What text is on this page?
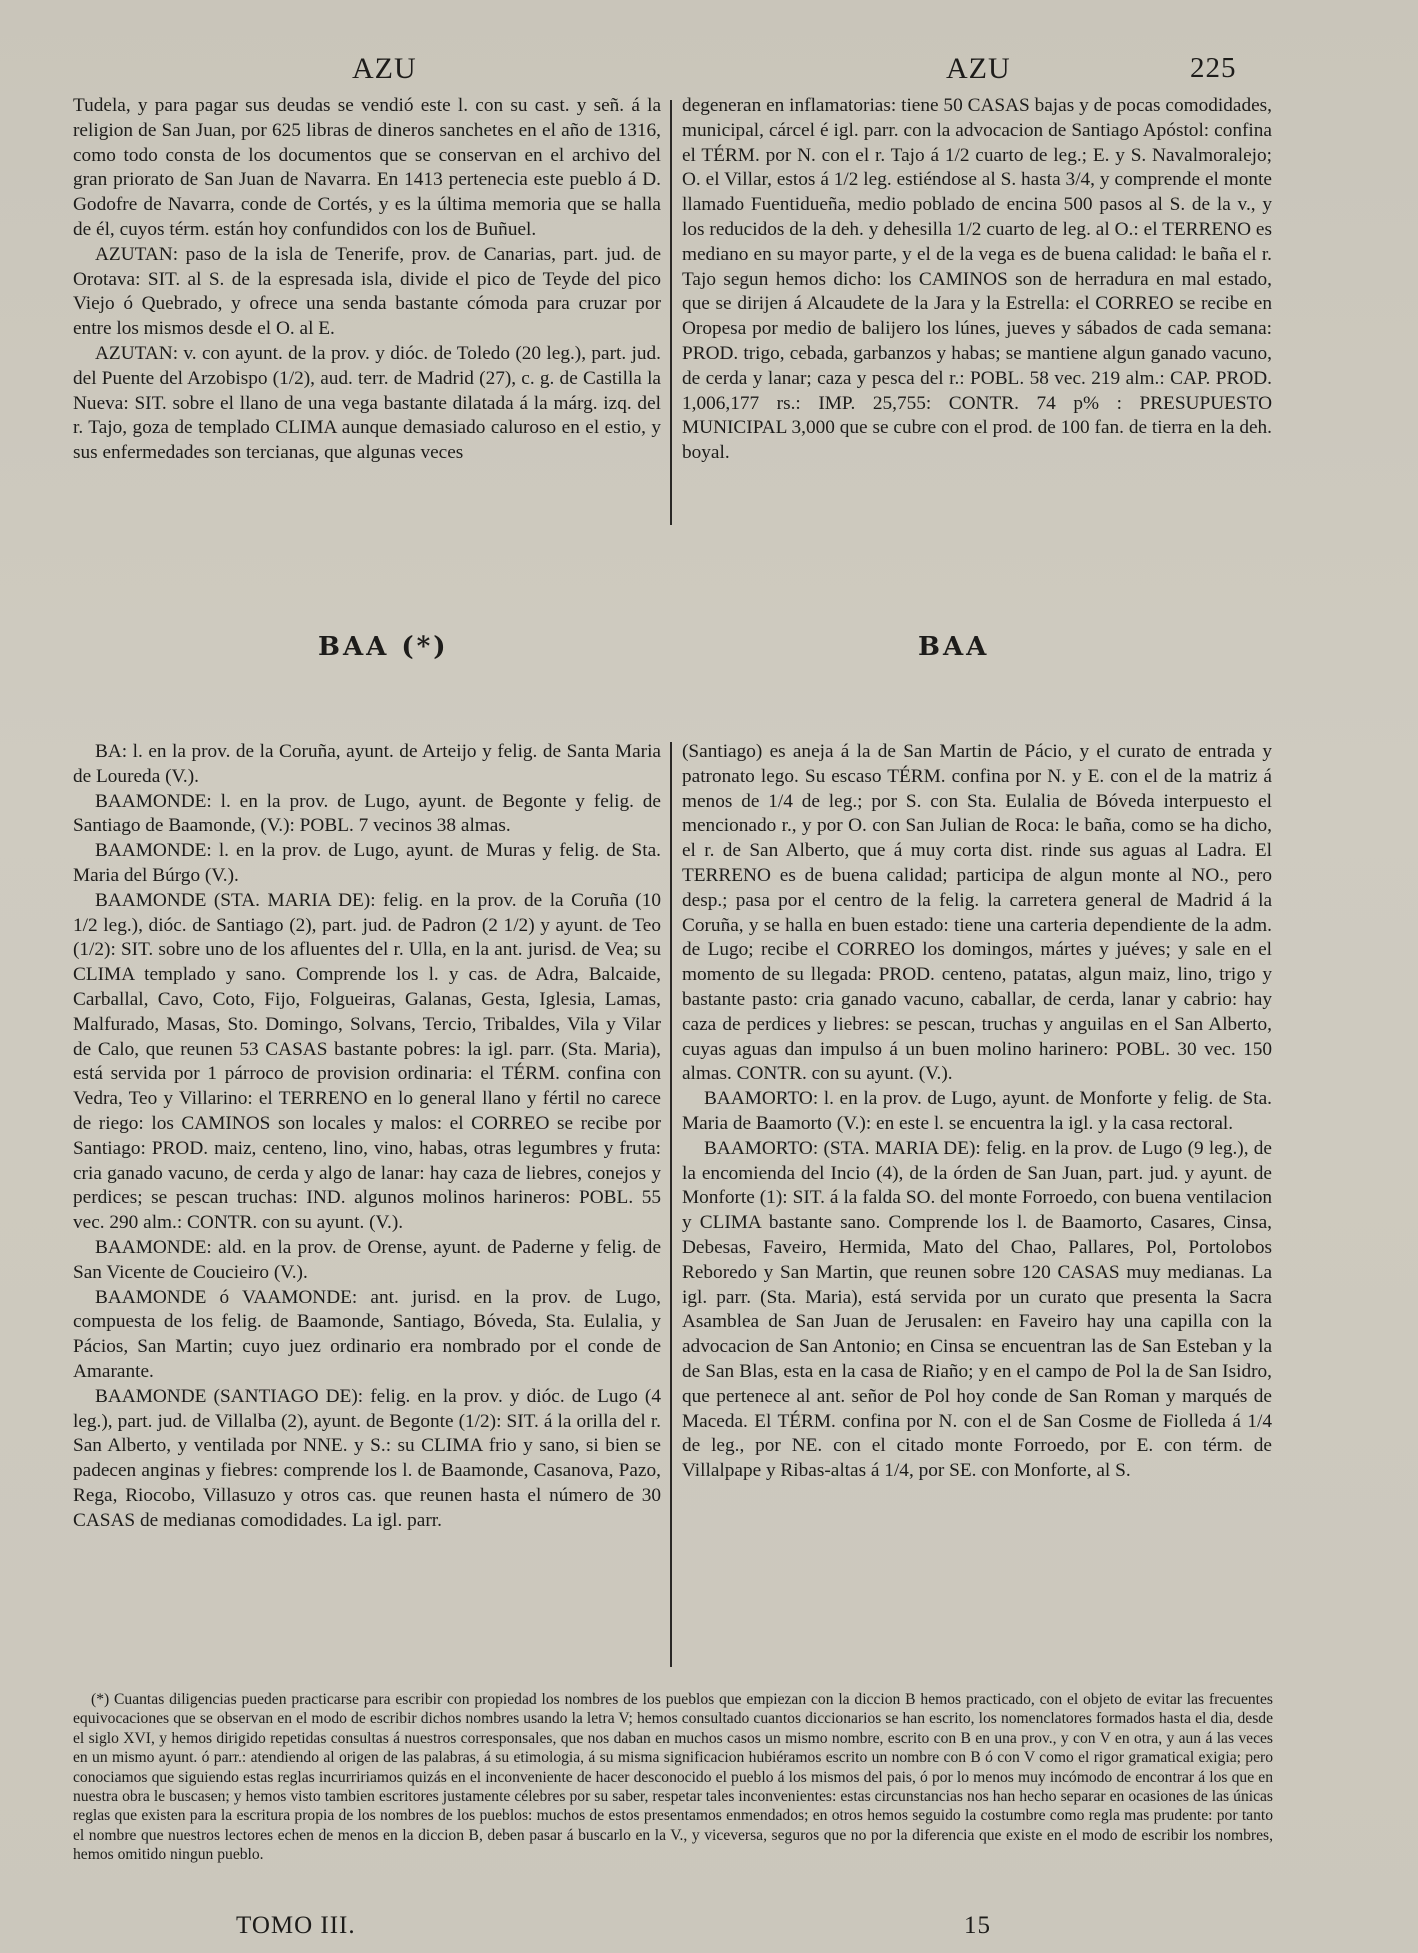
AZU	AZU	225

Tudela, y para pagar sus deudas se vendió este l. con su cast. y señ. á la religion de San Juan, por 625 libras de dineros sanchetes en el año de 1316, como todo consta de los documentos que se conservan en el archivo del gran priorato de San Juan de Navarra. En 1413 pertenecia este pueblo á D. Godofre de Navarra, conde de Cortés, y es la última memoria que se halla de él, cuyos térm. están hoy confundidos con los de Buñuel.

AZUTAN: paso de la isla de Tenerife, prov. de Canarias, part. jud. de Orotava: SIT. al S. de la espresada isla, divide el pico de Teyde del pico Viejo ó Quebrado, y ofrece una senda bastante cómoda para cruzar por entre los mismos desde el O. al E.

AZUTAN: v. con ayunt. de la prov. y dióc. de Toledo (20 leg.), part. jud. del Puente del Arzobispo (1/2), aud. terr. de Madrid (27), c. g. de Castilla la Nueva: SIT. sobre el llano de una vega bastante dilatada á la márg. izq. del r. Tajo, goza de templado CLIMA aunque demasiado caluroso en el estio, y sus enfermedades son tercianas, que algunas veces

degeneran en inflamatorias: tiene 50 CASAS bajas y de pocas comodidades, municipal, cárcel é igl. parr. con la advocacion de Santiago Apóstol: confina el TÉRM. por N. con el r. Tajo á 1/2 cuarto de leg.; E. y S. Navalmoralejo; O. el Villar, estos á 1/2 leg. estiéndose al S. hasta 3/4, y comprende el monte llamado Fuentidueña, medio poblado de encina 500 pasos al S. de la v., y los reducidos de la deh. y dehesilla 1/2 cuarto de leg. al O.: el TERRENO es mediano en su mayor parte, y el de la vega es de buena calidad: le baña el r. Tajo segun hemos dicho: los CAMINOS son de herradura en mal estado, que se dirijen á Alcaudete de la Jara y la Estrella: el CORREO se recibe en Oropesa por medio de balijero los lúnes, jueves y sábados de cada semana: PROD. trigo, cebada, garbanzos y habas; se mantiene algun ganado vacuno, de cerda y lanar; caza y pesca del r.: POBL. 58 vec. 219 alm.: CAP. PROD. 1,006,177 rs.: IMP. 25,755: CONTR. 74 p% : PRESUPUESTO MUNICIPAL 3,000 que se cubre con el prod. de 100 fan. de tierra en la deh. boyal.

BAA (*)	BAA

BA: l. en la prov. de la Coruña, ayunt. de Arteijo y felig. de Santa Maria de Loureda (V.).

BAAMONDE: l. en la prov. de Lugo, ayunt. de Begonte y felig. de Santiago de Baamonde, (V.): POBL. 7 vecinos 38 almas.

BAAMONDE: l. en la prov. de Lugo, ayunt. de Muras y felig. de Sta. Maria del Búrgo (V.).

BAAMONDE (STA. MARIA DE): felig. en la prov. de la Coruña (10 1/2 leg.), dióc. de Santiago (2), part. jud. de Padron (2 1/2) y ayunt. de Teo (1/2): SIT. sobre uno de los afluentes del r. Ulla, en la ant. jurisd. de Vea; su CLIMA templado y sano. Comprende los l. y cas. de Adra, Balcaide, Carballal, Cavo, Coto, Fijo, Folgueiras, Galanas, Gesta, Iglesia, Lamas, Malfurado, Masas, Sto. Domingo, Solvans, Tercio, Tribaldes, Vila y Vilar de Calo, que reunen 53 CASAS bastante pobres: la igl. parr. (Sta. Maria), está servida por 1 párroco de provision ordinaria: el TÉRM. confina con Vedra, Teo y Villarino: el TERRENO en lo general llano y fértil no carece de riego: los CAMINOS son locales y malos: el CORREO se recibe por Santiago: PROD. maiz, centeno, lino, vino, habas, otras legumbres y fruta: cria ganado vacuno, de cerda y algo de lanar: hay caza de liebres, conejos y perdices; se pescan truchas: IND. algunos molinos harineros: POBL. 55 vec. 290 alm.: CONTR. con su ayunt. (V.).

BAAMONDE: ald. en la prov. de Orense, ayunt. de Paderne y felig. de San Vicente de Coucieiro (V.).

BAAMONDE ó VAAMONDE: ant. jurisd. en la prov. de Lugo, compuesta de los felig. de Baamonde, Santiago, Bóveda, Sta. Eulalia, y Pácios, San Martin; cuyo juez ordinario era nombrado por el conde de Amarante.

BAAMONDE (SANTIAGO DE): felig. en la prov. y dióc. de Lugo (4 leg.), part. jud. de Villalba (2), ayunt. de Begonte (1/2): SIT. á la orilla del r. San Alberto, y ventilada por NNE. y S.: su CLIMA frio y sano, si bien se padecen anginas y fiebres: comprende los l. de Baamonde, Casanova, Pazo, Rega, Riocobo, Villasuzo y otros cas. que reunen hasta el número de 30 CASAS de medianas comodidades. La igl. parr.

(Santiago) es aneja á la de San Martin de Pácio, y el curato de entrada y patronato lego. Su escaso TÉRM. confina por N. y E. con el de la matriz á menos de 1/4 de leg.; por S. con Sta. Eulalia de Bóveda interpuesto el mencionado r., y por O. con San Julian de Roca: le baña, como se ha dicho, el r. de San Alberto, que á muy corta dist. rinde sus aguas al Ladra. El TERRENO es de buena calidad; participa de algun monte al NO., pero desp.; pasa por el centro de la felig. la carretera general de Madrid á la Coruña, y se halla en buen estado: tiene una carteria dependiente de la adm. de Lugo; recibe el CORREO los domingos, mártes y juéves; y sale en el momento de su llegada: PROD. centeno, patatas, algun maiz, lino, trigo y bastante pasto: cria ganado vacuno, caballar, de cerda, lanar y cabrio: hay caza de perdices y liebres: se pescan, truchas y anguilas en el San Alberto, cuyas aguas dan impulso á un buen molino harinero: POBL. 30 vec. 150 almas. CONTR. con su ayunt. (V.).

BAAMORTO: l. en la prov. de Lugo, ayunt. de Monforte y felig. de Sta. Maria de Baamorto (V.): en este l. se encuentra la igl. y la casa rectoral.

BAAMORTO: (STA. MARIA DE): felig. en la prov. de Lugo (9 leg.), de la encomienda del Incio (4), de la órden de San Juan, part. jud. y ayunt. de Monforte (1): SIT. á la falda SO. del monte Forroedo, con buena ventilacion y CLIMA bastante sano. Comprende los l. de Baamorto, Casares, Cinsa, Debesas, Faveiro, Hermida, Mato del Chao, Pallares, Pol, Portolobos Reboredo y San Martin, que reunen sobre 120 CASAS muy medianas. La igl. parr. (Sta. Maria), está servida por un curato que presenta la Sacra Asamblea de San Juan de Jerusalen: en Faveiro hay una capilla con la advocacion de San Antonio; en Cinsa se encuentran las de San Esteban y la de San Blas, esta en la casa de Riaño; y en el campo de Pol la de San Isidro, que pertenece al ant. señor de Pol hoy conde de San Roman y marqués de Maceda. El TÉRM. confina por N. con el de San Cosme de Fiolleda á 1/4 de leg., por NE. con el citado monte Forroedo, por E. con térm. de Villalpape y Ribas-altas á 1/4, por SE. con Monforte, al S.

(*) Cuantas diligencias pueden practicarse para escribir con propiedad los nombres de los pueblos que empiezan con la diccion B hemos practicado, con el objeto de evitar las frecuentes equivocaciones que se observan en el modo de escribir dichos nombres usando la letra V; hemos consultado cuantos diccionarios se han escrito, los nomenclatores formados hasta el dia, desde el siglo XVI, y hemos dirigido repetidas consultas á nuestros corresponsales, que nos daban en muchos casos un mismo nombre, escrito con B en una prov., y con V en otra, y aun á las veces en un mismo ayunt. ó parr.: atendiendo al origen de las palabras, á su etimologia, á su misma significacion hubiéramos escrito un nombre con B ó con V como el rigor gramatical exigia; pero conociamos que siguiendo estas reglas incurririamos quizás en el inconveniente de hacer desconocido el pueblo á los mismos del pais, ó por lo menos muy incómodo de encontrar á los que en nuestra obra le buscasen; y hemos visto tambien escritores justamente célebres por su saber, respetar tales inconvenientes: estas circunstancias nos han hecho separar en ocasiones de las únicas reglas que existen para la escritura propia de los nombres de los pueblos: muchos de estos presentamos enmendados; en otros hemos seguido la costumbre como regla mas prudente: por tanto el nombre que nuestros lectores echen de menos en la diccion B, deben pasar á buscarlo en la V., y viceversa, seguros que no por la diferencia que existe en el modo de escribir los nombres, hemos omitido ningun pueblo.

TOMO III.	15
